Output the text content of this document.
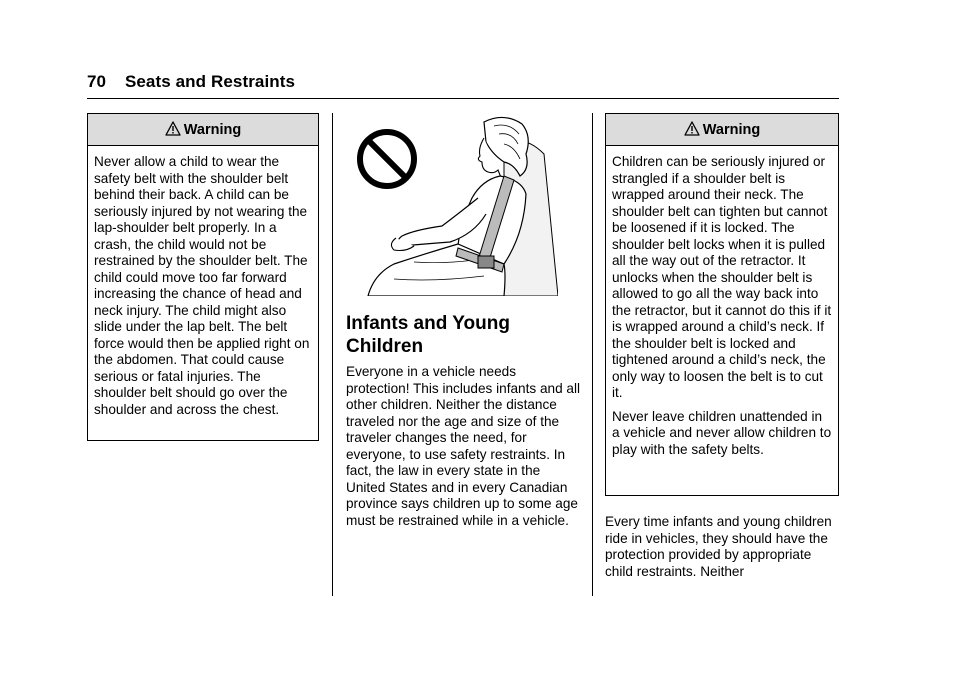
70 Seats and Restraints
Warning

Never allow a child to wear the safety belt with the shoulder belt behind their back. A child can be seriously injured by not wearing the lap-shoulder belt properly. In a crash, the child would not be restrained by the shoulder belt. The child could move too far forward increasing the chance of head and neck injury. The child might also slide under the lap belt. The belt force would then be applied right on the abdomen. That could cause serious or fatal injuries. The shoulder belt should go over the shoulder and across the chest.

Infants and Young Children
Everyone in a vehicle needs protection! This includes infants and all other children. Neither the distance traveled nor the age and size of the traveler changes the need, for everyone, to use safety restraints. In fact, the law in every state in the United States and in every Canadian province says children up to some age must be restrained while in a vehicle.
Warning

Children can be seriously injured or strangled if a shoulder belt is wrapped around their neck. The shoulder belt can tighten but cannot be loosened if it is locked. The shoulder belt locks when it is pulled all the way out of the retractor. It unlocks when the shoulder belt is allowed to go all the way back into the retractor, but it cannot do this if it is wrapped around a child’s neck. If the shoulder belt is locked and tightened around a child’s neck, the only way to loosen the belt is to cut it.

Never leave children unattended in a vehicle and never allow children to play with the safety belts.

Every time infants and young children ride in vehicles, they should have the protection provided by appropriate child restraints. Neither
